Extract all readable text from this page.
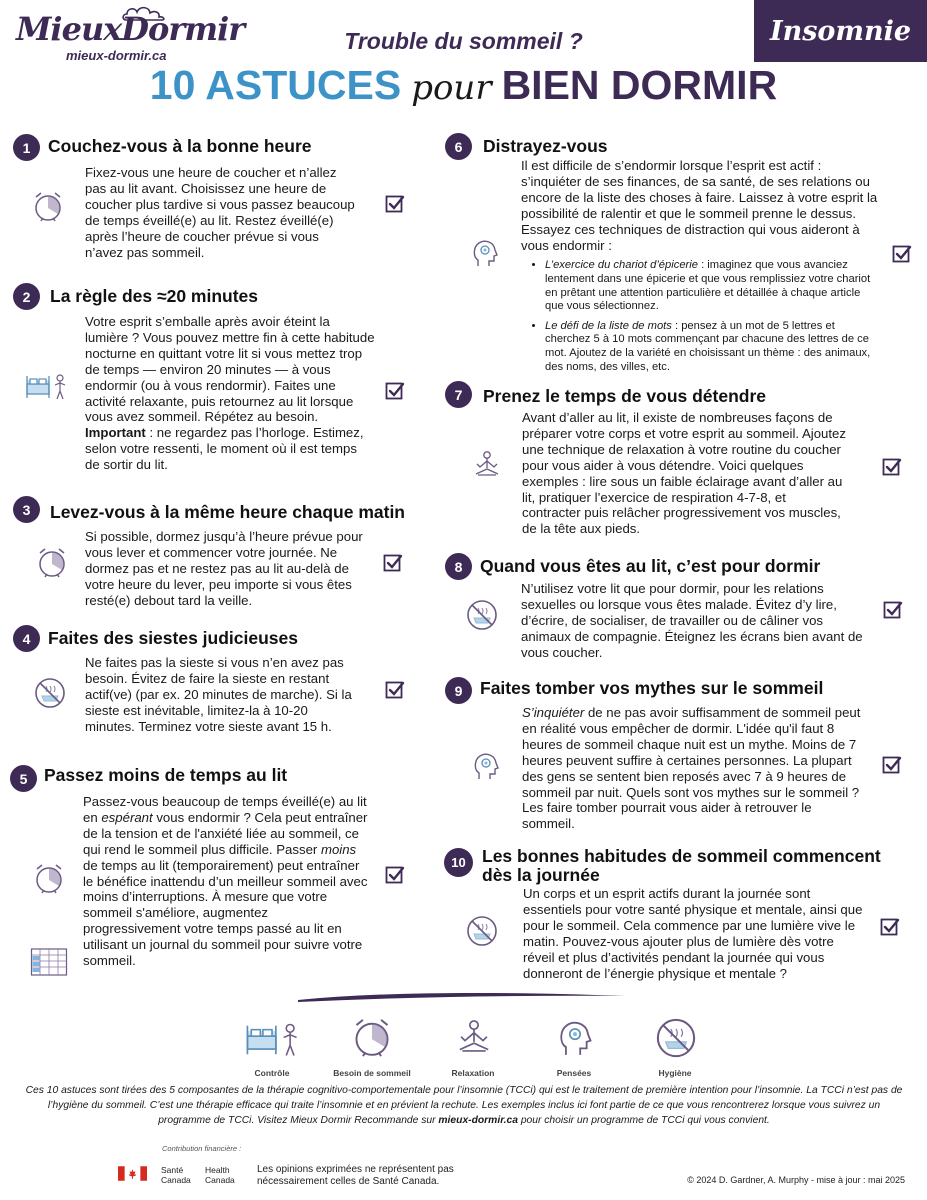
MieuxDormir
mieux-dormir.ca
Trouble du sommeil ?
10 ASTUCES pour BIEN DORMIR
Insomnie
1	Couchez-vous à la bonne heure
Fixez-vous une heure de coucher et n’allez pas au lit avant. Choisissez une heure de coucher plus tardive si vous passez beaucoup de temps éveillé(e) au lit. Restez éveillé(e) après l’heure de coucher prévue si vous n’avez pas sommeil.
2	La règle des ≈20 minutes
Votre esprit s’emballe après avoir éteint la lumière ? Vous pouvez mettre fin à cette habitude nocturne en quittant votre lit si vous mettez trop de temps — environ 20 minutes — à vous endormir (ou à vous rendormir). Faites une activité relaxante, puis retournez au lit lorsque vous avez sommeil. Répétez au besoin. Important : ne regardez pas l’horloge. Estimez, selon votre ressenti, le moment où il est temps de sortir du lit.
3	Levez-vous à la même heure chaque matin
Si possible, dormez jusqu’à l’heure prévue pour vous lever et commencer votre journée. Ne dormez pas et ne restez pas au lit au-delà de votre heure du lever, peu importe si vous êtes resté(e) debout tard la veille.
4	Faites des siestes judicieuses
Ne faites pas la sieste si vous n’en avez pas besoin. Évitez de faire la sieste en restant actif(ve) (par ex. 20 minutes de marche). Si la sieste est inévitable, limitez-la à 10-20 minutes. Terminez votre sieste avant 15 h.
5 Passez moins de temps au lit
Passez-vous beaucoup de temps éveillé(e) au lit en espérant vous endormir ? Cela peut entraîner de la tension et de l'anxiété liée au sommeil, ce qui rend le sommeil plus difficile. Passer moins de temps au lit (temporairement) peut entraîner le bénéfice inattendu d’un meilleur sommeil avec moins d’interruptions. À mesure que votre sommeil s'améliore, augmentez progressivement votre temps passé au lit en utilisant un journal du sommeil pour suivre votre sommeil.
6	Distrayez-vous
Il est difficile de s’endormir lorsque l’esprit est actif : s’inquiéter de ses finances, de sa santé, de ses relations ou encore de la liste des choses à faire. Laissez à votre esprit la possibilité de ralentir et que le sommeil prenne le dessus. Essayez ces techniques de distraction qui vous aideront à vous endormir :
• L’exercice du chariot d’épicerie : imaginez que vous avanciez lentement dans une épicerie et que vous remplissiez votre chariot en prêtant une attention particulière et détaillée à chaque article que vous sélectionnez.
• Le défi de la liste de mots : pensez à un mot de 5 lettres et cherchez 5 à 10 mots commençant par chacune des lettres de ce mot. Ajoutez de la variété en choisissant un thème : des animaux, des noms, des villes, etc.
7	Prenez le temps de vous détendre
Avant d’aller au lit, il existe de nombreuses façons de préparer votre corps et votre esprit au sommeil. Ajoutez une technique de relaxation à votre routine du coucher pour vous aider à vous détendre. Voici quelques exemples : lire sous un faible éclairage avant d’aller au lit, pratiquer l’exercice de respiration 4-7-8, et contracter puis relâcher progressivement vos muscles, de la tête aux pieds.
8	Quand vous êtes au lit, c’est pour dormir
N’utilisez votre lit que pour dormir, pour les relations sexuelles ou lorsque vous êtes malade. Évitez d’y lire, d’écrire, de socialiser, de travailler ou de câliner vos animaux de compagnie. Éteignez les écrans bien avant de vous coucher.
9	Faites tomber vos mythes sur le sommeil
S’inquiéter de ne pas avoir suffisamment de sommeil peut en réalité vous empêcher de dormir. L'idée qu'il faut 8 heures de sommeil chaque nuit est un mythe. Moins de 7 heures peuvent suffire à certaines personnes. La plupart des gens se sentent bien reposés avec 7 à 9 heures de sommeil par nuit. Quels sont vos mythes sur le sommeil ? Les faire tomber pourrait vous aider à retrouver le sommeil.
10 Les bonnes habitudes de sommeil commencent dès la journée
Un corps et un esprit actifs durant la journée sont essentiels pour votre santé physique et mentale, ainsi que pour le sommeil. Cela commence par une lumière vive le matin. Pouvez-vous ajouter plus de lumière dès votre réveil et plus d’activités pendant la journée qui vous donneront de l’énergie physique et mentale ?
Contrôle	Besoin de sommeil	Relaxation	Pensées	Hygiène
Ces 10 astuces sont tirées des 5 composantes de la thérapie cognitivo-comportementale pour l’insomnie (TCCi) qui est le traitement de première intention pour l’insomnie. La TCCi n’est pas de l’hygiène du sommeil. C’est une thérapie efficace qui traite l’insomnie et en prévient la rechute. Les exemples inclus ici font partie de ce que vous rencontrerez lorsque vous suivrez un programme de TCCi. Visitez Mieux Dormir Recommande sur mieux-dormir.ca pour choisir un programme de TCCi qui vous convient.
Contribution financière :
Santé
Canada
Health
Canada
Les opinions exprimées ne représentent pas
nécessairement celles de Santé Canada.	© 2024 D. Gardner, A. Murphy - mise à jour : mai 2025
